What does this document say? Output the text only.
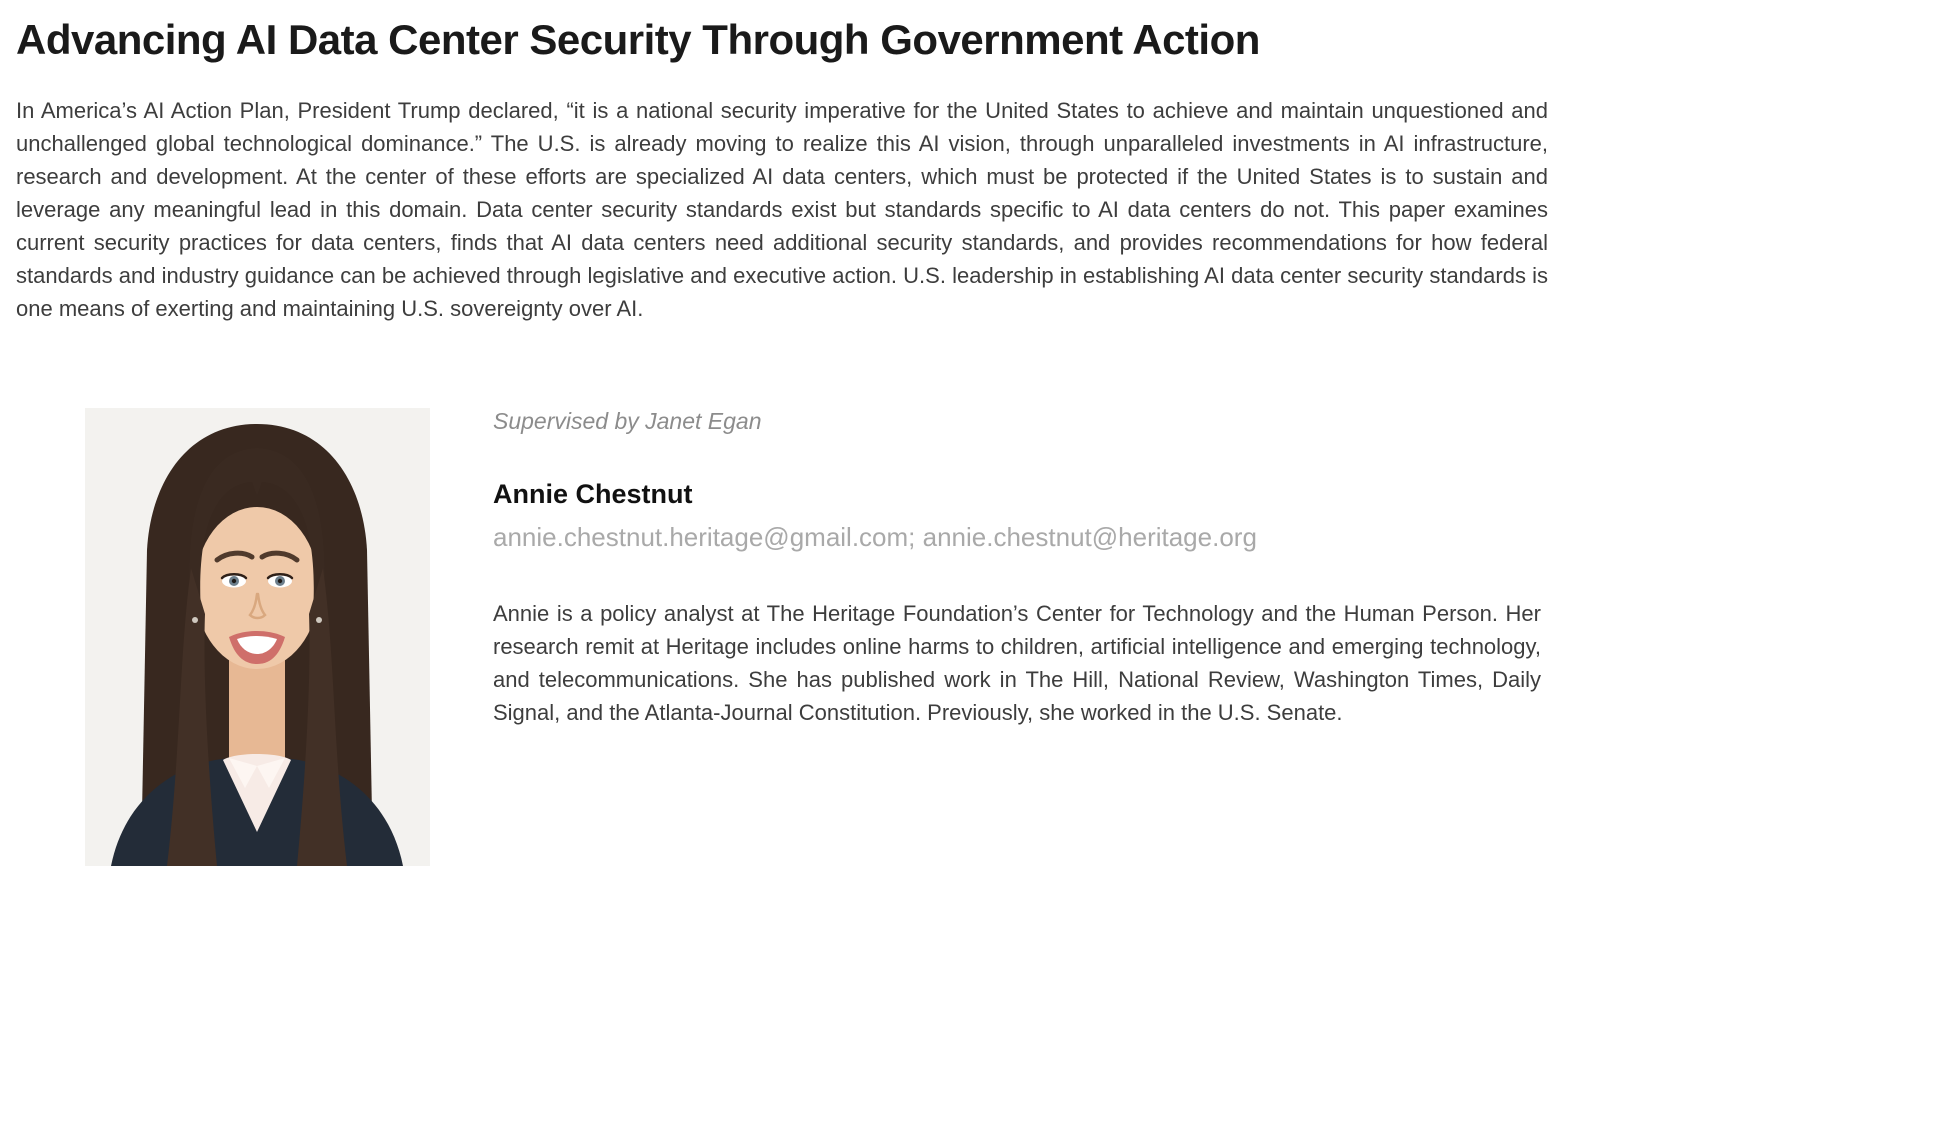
Advancing AI Data Center Security Through Government Action

In America’s AI Action Plan, President Trump declared, “it is a national security imperative for the United States to achieve and maintain unquestioned and unchallenged global technological dominance.” The U.S. is already moving to realize this AI vision, through unparalleled investments in AI infrastructure, research and development. At the center of these efforts are specialized AI data centers, which must be protected if the United States is to sustain and leverage any meaningful lead in this domain. Data center security standards exist but standards specific to AI data centers do not. This paper examines current security practices for data centers, finds that AI data centers need additional security standards, and provides recommendations for how federal standards and industry guidance can be achieved through legislative and executive action. U.S. leadership in establishing AI data center security standards is one means of exerting and maintaining U.S. sovereignty over AI.

Supervised by Janet Egan

Annie Chestnut

annie.chestnut.heritage@gmail.com; annie.chestnut@heritage.org

Annie is a policy analyst at The Heritage Foundation’s Center for Technology and the Human Person. Her research remit at Heritage includes online harms to children, artificial intelligence and emerging technology, and telecommunications. She has published work in The Hill, National Review, Washington Times, Daily Signal, and the Atlanta-Journal Constitution. Previously, she worked in the U.S. Senate.
